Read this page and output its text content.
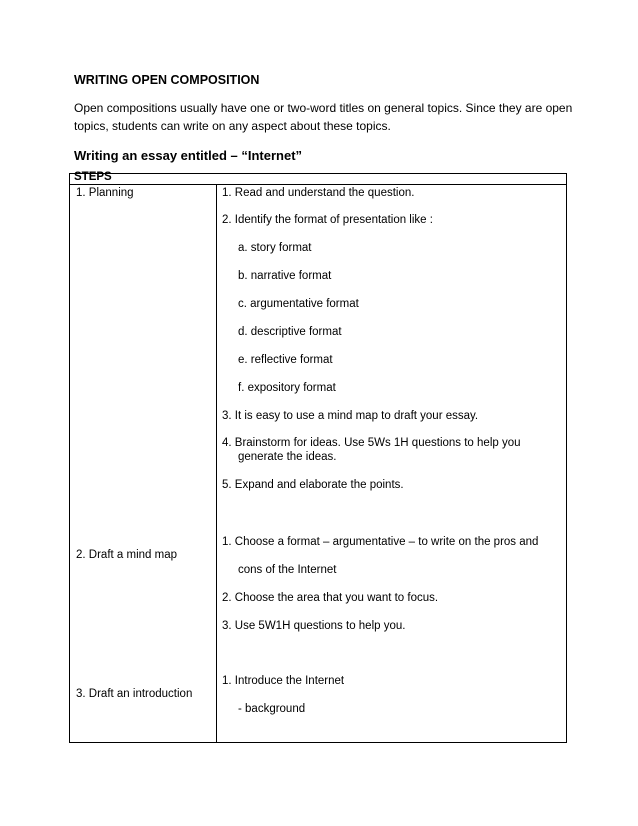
WRITING OPEN COMPOSITION
Open compositions usually have one or two-word titles on general topics. Since they are open
topics, students can write on any aspect about these topics.
Writing an essay entitled – “Internet”
STEPS
1. Planning	1. Read and understand the question.
2. Identify the format of presentation like :
a. story format
b. narrative format
c. argumentative format
d. descriptive format
e. reflective format
f. expository format
3. It is easy to use a mind map to draft your essay.
4. Brainstorm for ideas. Use 5Ws 1H questions to help you
generate the ideas.
5. Expand and elaborate the points.
1. Choose a format – argumentative – to write on the pros and
2. Draft a mind map
cons of the Internet
2. Choose the area that you want to focus.
3. Use 5W1H questions to help you.
1. Introduce the Internet
3. Draft an introduction
- background
